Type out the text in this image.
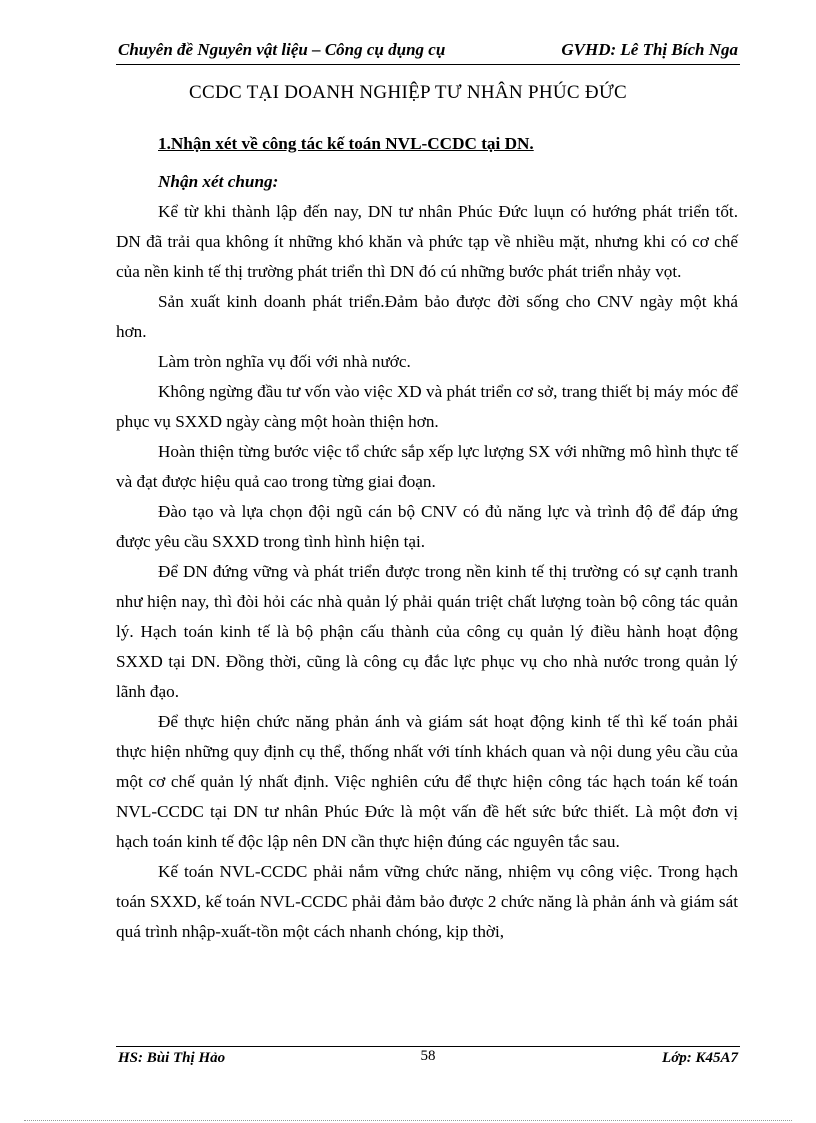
Chuyên đề Nguyên vật liệu – Công cụ dụng cụ	GVHD: Lê Thị Bích Nga
CCDC TẠI DOANH NGHIỆP TƯ NHÂN PHÚC ĐỨC

1.Nhận xét về công tác kế toán NVL-CCDC tại DN.

Nhận xét chung:

Kể từ khi thành lập đến nay, DN tư nhân Phúc Đức luụn có hướng phát triển tốt. DN đã trải qua không ít những khó khăn và phức tạp về nhiều mặt, nhưng khi có cơ chế của nền kinh tế thị trường phát triển thì DN đó cú những bước phát triển nhảy vọt.

Sản xuất kinh doanh phát triển.Đảm bảo được đời sống cho CNV ngày một khá hơn.

Làm tròn nghĩa vụ đối với nhà nước.

Không ngừng đầu tư vốn vào việc XD và phát triển cơ sở, trang thiết bị máy móc để phục vụ SXXD ngày càng một hoàn thiện hơn.

Hoàn thiện từng bước việc tổ chức sắp xếp lực lượng SX với những mô hình thực tế và đạt được hiệu quả cao trong từng giai đoạn.

Đào tạo và lựa chọn đội ngũ cán bộ CNV có đủ năng lực và trình độ để đáp ứng được yêu cầu SXXD trong tình hình hiện tại.

Để DN đứng vững và phát triển được trong nền kinh tế thị trường có sự cạnh tranh như hiện nay, thì đòi hỏi các nhà quản lý phải quán triệt chất lượng toàn bộ công tác quản lý. Hạch toán kinh tế là bộ phận cấu thành của công cụ quản lý điều hành hoạt động SXXD tại DN. Đồng thời, cũng là công cụ đắc lực phục vụ cho nhà nước trong quản lý lãnh đạo.

Để thực hiện chức năng phản ánh và giám sát hoạt động kinh tế thì kế toán phải thực hiện những quy định cụ thể, thống nhất với tính khách quan và nội dung yêu cầu của một cơ chế quản lý nhất định. Việc nghiên cứu để thực hiện công tác hạch toán kế toán NVL-CCDC tại DN tư nhân Phúc Đức là một vấn đề hết sức bức thiết. Là một đơn vị hạch toán kinh tế độc lập nên DN cần thực hiện đúng các nguyên tắc sau.

Kế toán NVL-CCDC phải nắm vững chức năng, nhiệm vụ công việc. Trong hạch toán SXXD, kế toán NVL-CCDC phải đảm bảo được 2 chức năng là phản ánh và giám sát quá trình nhập-xuất-tồn một cách nhanh chóng, kịp thời,

HS: Bùi Thị Hảo	58	Lớp: K45A7
